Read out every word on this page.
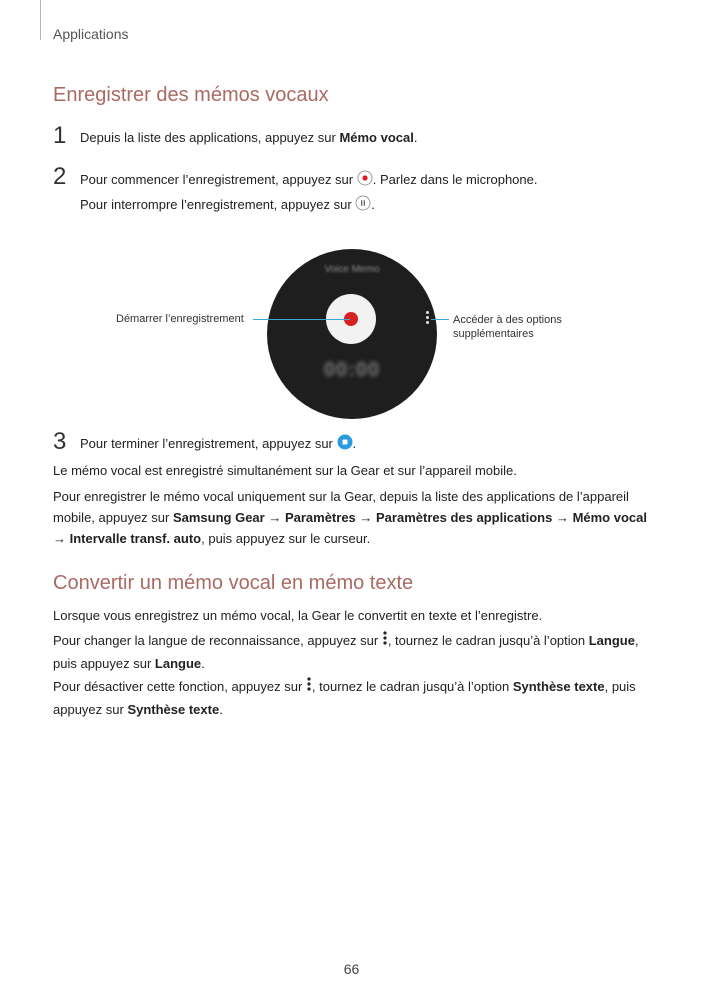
Applications
Enregistrer des mémos vocaux
1 Depuis la liste des applications, appuyez sur Mémo vocal.
2 Pour commencer l’enregistrement, appuyez sur . Parlez dans le microphone.
Pour interrompre l’enregistrement, appuyez sur .
Voice Memo
00:00
Démarrer l’enregistrement	Accéder à des options
supplémentaires
3 Pour terminer l’enregistrement, appuyez sur .
Le mémo vocal est enregistré simultanément sur la Gear et sur l’appareil mobile.
Pour enregistrer le mémo vocal uniquement sur la Gear, depuis la liste des applications de l’appareil mobile, appuyez sur Samsung Gear → Paramètres → Paramètres des applications → Mémo vocal → Intervalle transf. auto, puis appuyez sur le curseur.
Convertir un mémo vocal en mémo texte
Lorsque vous enregistrez un mémo vocal, la Gear le convertit en texte et l’enregistre.
Pour changer la langue de reconnaissance, appuyez sur , tournez le cadran jusqu’à l’option Langue, puis appuyez sur Langue.
Pour désactiver cette fonction, appuyez sur , tournez le cadran jusqu’à l’option Synthèse texte, puis appuyez sur Synthèse texte.
66
